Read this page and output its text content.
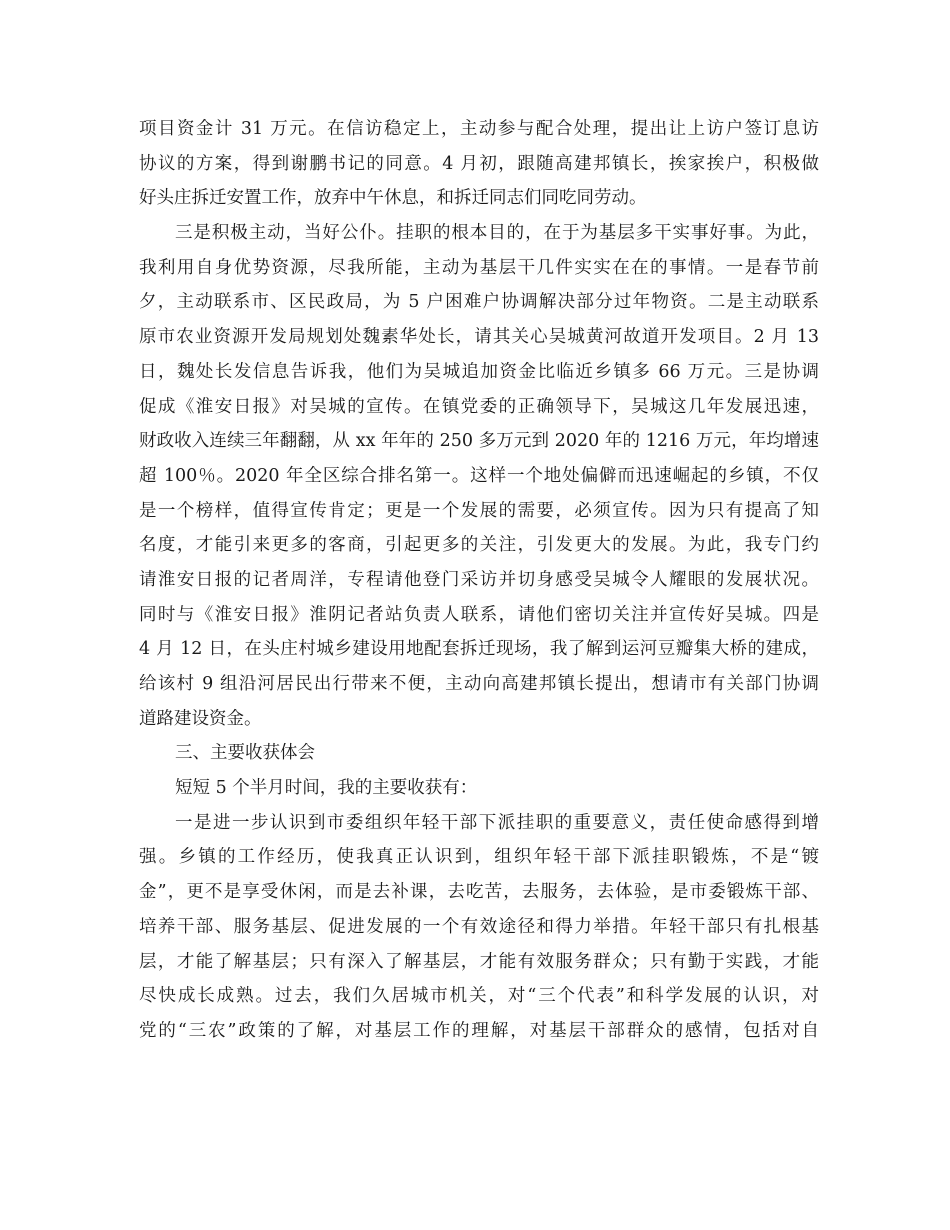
项目资金计 31 万元。在信访稳定上，主动参与配合处理，提出让上访户签订息访
协议的方案，得到谢鹏书记的同意。4 月初，跟随高建邦镇长，挨家挨户，积极做
好头庄拆迁安置工作，放弃中午休息，和拆迁同志们同吃同劳动。
三是积极主动，当好公仆。挂职的根本目的，在于为基层多干实事好事。为此，
我利用自身优势资源，尽我所能，主动为基层干几件实实在在的事情。一是春节前
夕，主动联系市、区民政局，为 5 户困难户协调解决部分过年物资。二是主动联系
原市农业资源开发局规划处魏素华处长，请其关心吴城黄河故道开发项目。2 月 13
日，魏处长发信息告诉我，他们为吴城追加资金比临近乡镇多 66 万元。三是协调
促成《淮安日报》对吴城的宣传。在镇党委的正确领导下，吴城这几年发展迅速，
财政收入连续三年翻翻，从 xx 年年的 250 多万元到 2020 年的 1216 万元，年均增速
超 100％。2020 年全区综合排名第一。这样一个地处偏僻而迅速崛起的乡镇，不仅
是一个榜样，值得宣传肯定；更是一个发展的需要，必须宣传。因为只有提高了知
名度，才能引来更多的客商，引起更多的关注，引发更大的发展。为此，我专门约
请淮安日报的记者周洋，专程请他登门采访并切身感受吴城令人耀眼的发展状况。
同时与《淮安日报》淮阴记者站负责人联系，请他们密切关注并宣传好吴城。四是
4 月 12 日，在头庄村城乡建设用地配套拆迁现场，我了解到运河豆瓣集大桥的建成，
给该村 9 组沿河居民出行带来不便，主动向高建邦镇长提出，想请市有关部门协调
道路建设资金。
三、主要收获体会
短短 5 个半月时间，我的主要收获有：
一是进一步认识到市委组织年轻干部下派挂职的重要意义，责任使命感得到增
强。乡镇的工作经历，使我真正认识到，组织年轻干部下派挂职锻炼，不是“镀
金”，更不是享受休闲，而是去补课，去吃苦，去服务，去体验，是市委锻炼干部、
培养干部、服务基层、促进发展的一个有效途径和得力举措。年轻干部只有扎根基
层，才能了解基层；只有深入了解基层，才能有效服务群众；只有勤于实践，才能
尽快成长成熟。过去，我们久居城市机关，对“三个代表”和科学发展的认识，对
党的“三农”政策的了解，对基层工作的理解，对基层干部群众的感情，包括对自
